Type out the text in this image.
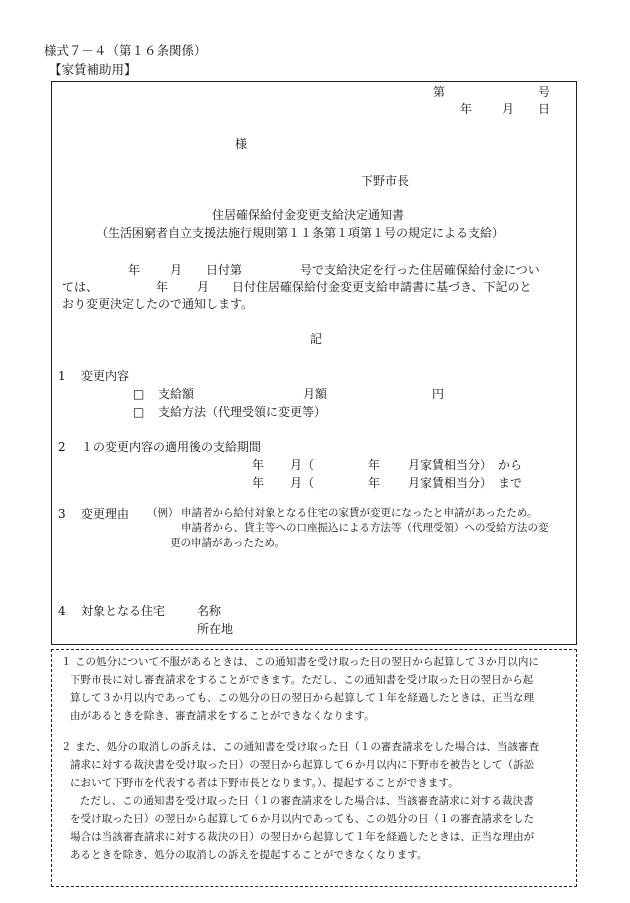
様式７－４（第１６条関係）
【家賃補助用】
第	号
年 月 日
様
下野市長
住居確保給付金変更支給決定通知書
（生活困窮者自立支援法施行規則第１１条第１項第１号の規定による支給）
年 月 日付第	号で支給決定を行った住居確保給付金につい
ては、	年 月 日付住居確保給付金変更支給申請書に基づき、下記のと
おり変更決定したので通知します。
記
1 変更内容
□ 支給額	月額	円
□ 支給方法（代理受領に変更等）
2 １の変更内容の適用後の支給期間
年 月（	年 月家賃相当分） から
年 月（	年 月家賃相当分） まで
3 変更理由 （例） 申請者から給付対象となる住宅の家賃が変更になったと申請があったため。
申請者から、貸主等への口座振込による方法等（代理受領）への受給方法の変
更の申請があったため。
4 対象となる住宅	名称
所在地
１ この処分について不服があるときは、この通知書を受け取った日の翌日から起算して３か月以内に
下野市長に対し審査請求をすることができます。ただし、この通知書を受け取った日の翌日から起
算して３か月以内であっても、この処分の日の翌日から起算して１年を経過したときは、正当な理
由があるときを除き、審査請求をすることができなくなります。
２ また、処分の取消しの訴えは、この通知書を受け取った日（１の審査請求をした場合は、当該審査
請求に対する裁決書を受け取った日）の翌日から起算して６か月以内に下野市を被告として（訴訟
において下野市を代表する者は下野市長となります。）、提起することができます。
ただし、この通知書を受け取った日（１の審査請求をした場合は、当該審査請求に対する裁決書
を受け取った日）の翌日から起算して６か月以内であっても、この処分の日（１の審査請求をした
場合は当該審査請求に対する裁決の日）の翌日から起算して１年を経過したときは、正当な理由が
あるときを除き、処分の取消しの訴えを提起することができなくなります。
